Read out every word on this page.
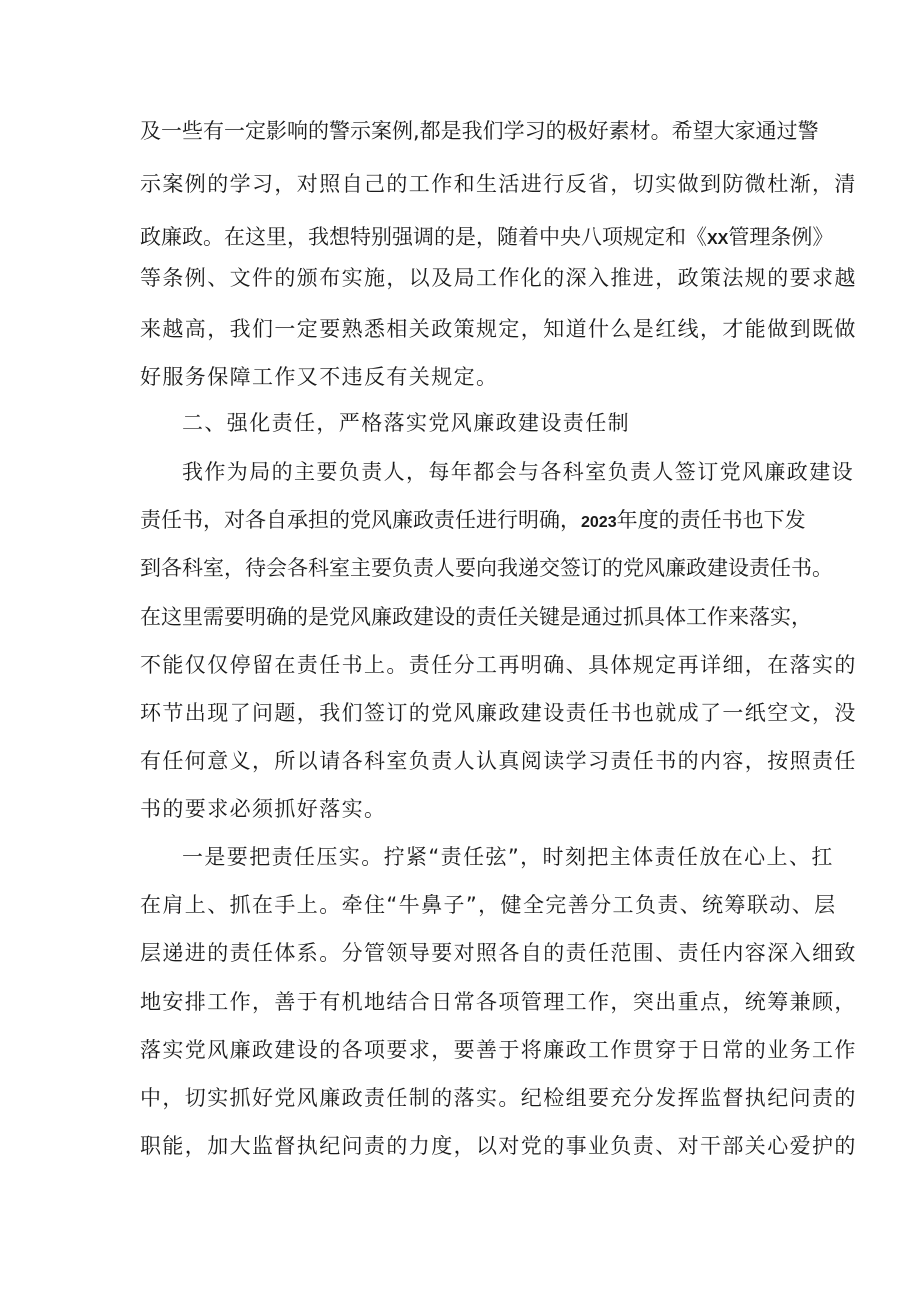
及一些有一定影响的警示案例,都是我们学习的极好素材。希望大家通过警
示案例的学习，对照自己的工作和生活进行反省，切实做到防微杜渐，清
政廉政。在这里，我想特别强调的是，随着中央八项规定和《XX管理条例》
等条例、文件的颁布实施，以及局工作化的深入推进，政策法规的要求越
来越高，我们一定要熟悉相关政策规定，知道什么是红线，才能做到既做
好服务保障工作又不违反有关规定。
二、强化责任，严格落实党风廉政建设责任制
我作为局的主要负责人，每年都会与各科室负责人签订党风廉政建设
责任书，对各自承担的党风廉政责任进行明确，2023年度的责任书也下发
到各科室，待会各科室主要负责人要向我递交签订的党风廉政建设责任书。
在这里需要明确的是党风廉政建设的责任关键是通过抓具体工作来落实，
不能仅仅停留在责任书上。责任分工再明确、具体规定再详细，在落实的
环节出现了问题，我们签订的党风廉政建设责任书也就成了一纸空文，没
有任何意义，所以请各科室负责人认真阅读学习责任书的内容，按照责任
书的要求必须抓好落实。
一是要把责任压实。拧紧“责任弦”，时刻把主体责任放在心上、扛
在肩上、抓在手上。牵住“牛鼻子”，健全完善分工负责、统筹联动、层
层递进的责任体系。分管领导要对照各自的责任范围、责任内容深入细致
地安排工作，善于有机地结合日常各项管理工作，突出重点，统筹兼顾，
落实党风廉政建设的各项要求，要善于将廉政工作贯穿于日常的业务工作
中，切实抓好党风廉政责任制的落实。纪检组要充分发挥监督执纪问责的
职能，加大监督执纪问责的力度，以对党的事业负责、对干部关心爱护的
